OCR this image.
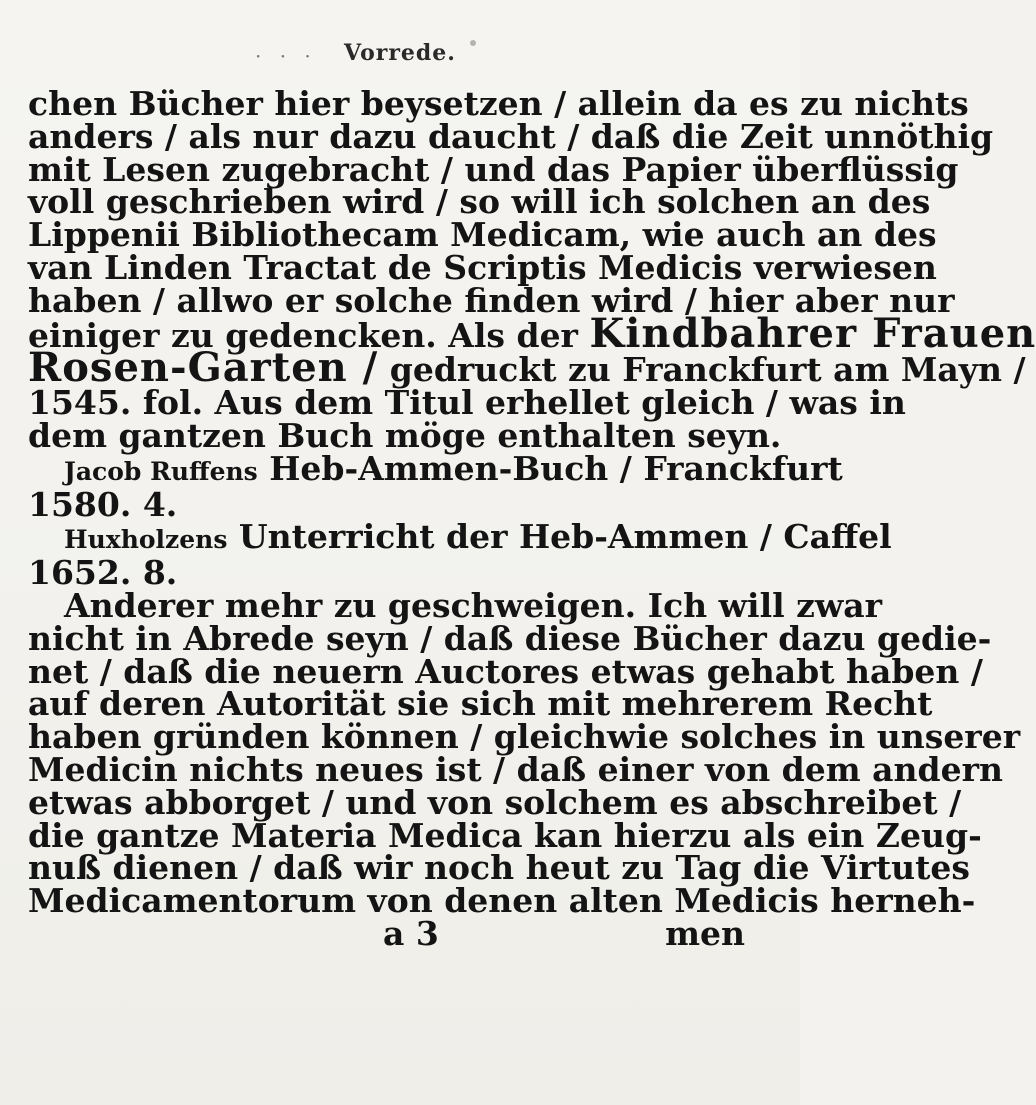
· · ·	Vorrede.
chen Bücher hier beysetzen / allein da es zu nichts
anders / als nur dazu daucht / daß die Zeit unnöthig
mit Lesen zugebracht / und das Papier überflüssig
voll geschrieben wird / so will ich solchen an des
Lippenii Bibliothecam Medicam, wie auch an des
van Linden Tractat de Scriptis Medicis verwiesen
haben / allwo er solche finden wird / hier aber nur
einiger zu gedencken. Als der Kindbahrer Frauen
Rosen-Garten / gedruckt zu Franckfurt am Mayn /
1545. fol. Aus dem Titul erhellet gleich / was in
dem gantzen Buch möge enthalten seyn.
Jacob Ruffens Heb-Ammen-Buch / Franckfurt
1580. 4.
Huxholzens Unterricht der Heb-Ammen / Caffel
1652. 8.
Anderer mehr zu geschweigen. Ich will zwar
nicht in Abrede seyn / daß diese Bücher dazu gedie-
net / daß die neuern Auctores etwas gehabt haben /
auf deren Autorität sie sich mit mehrerem Recht
haben gründen können / gleichwie solches in unserer
Medicin nichts neues ist / daß einer von dem andern
etwas abborget / und von solchem es abschreibet /
die gantze Materia Medica kan hierzu als ein Zeug-
nuß dienen / daß wir noch heut zu Tag die Virtutes
Medicamentorum von denen alten Medicis herneh-
a 3	men
